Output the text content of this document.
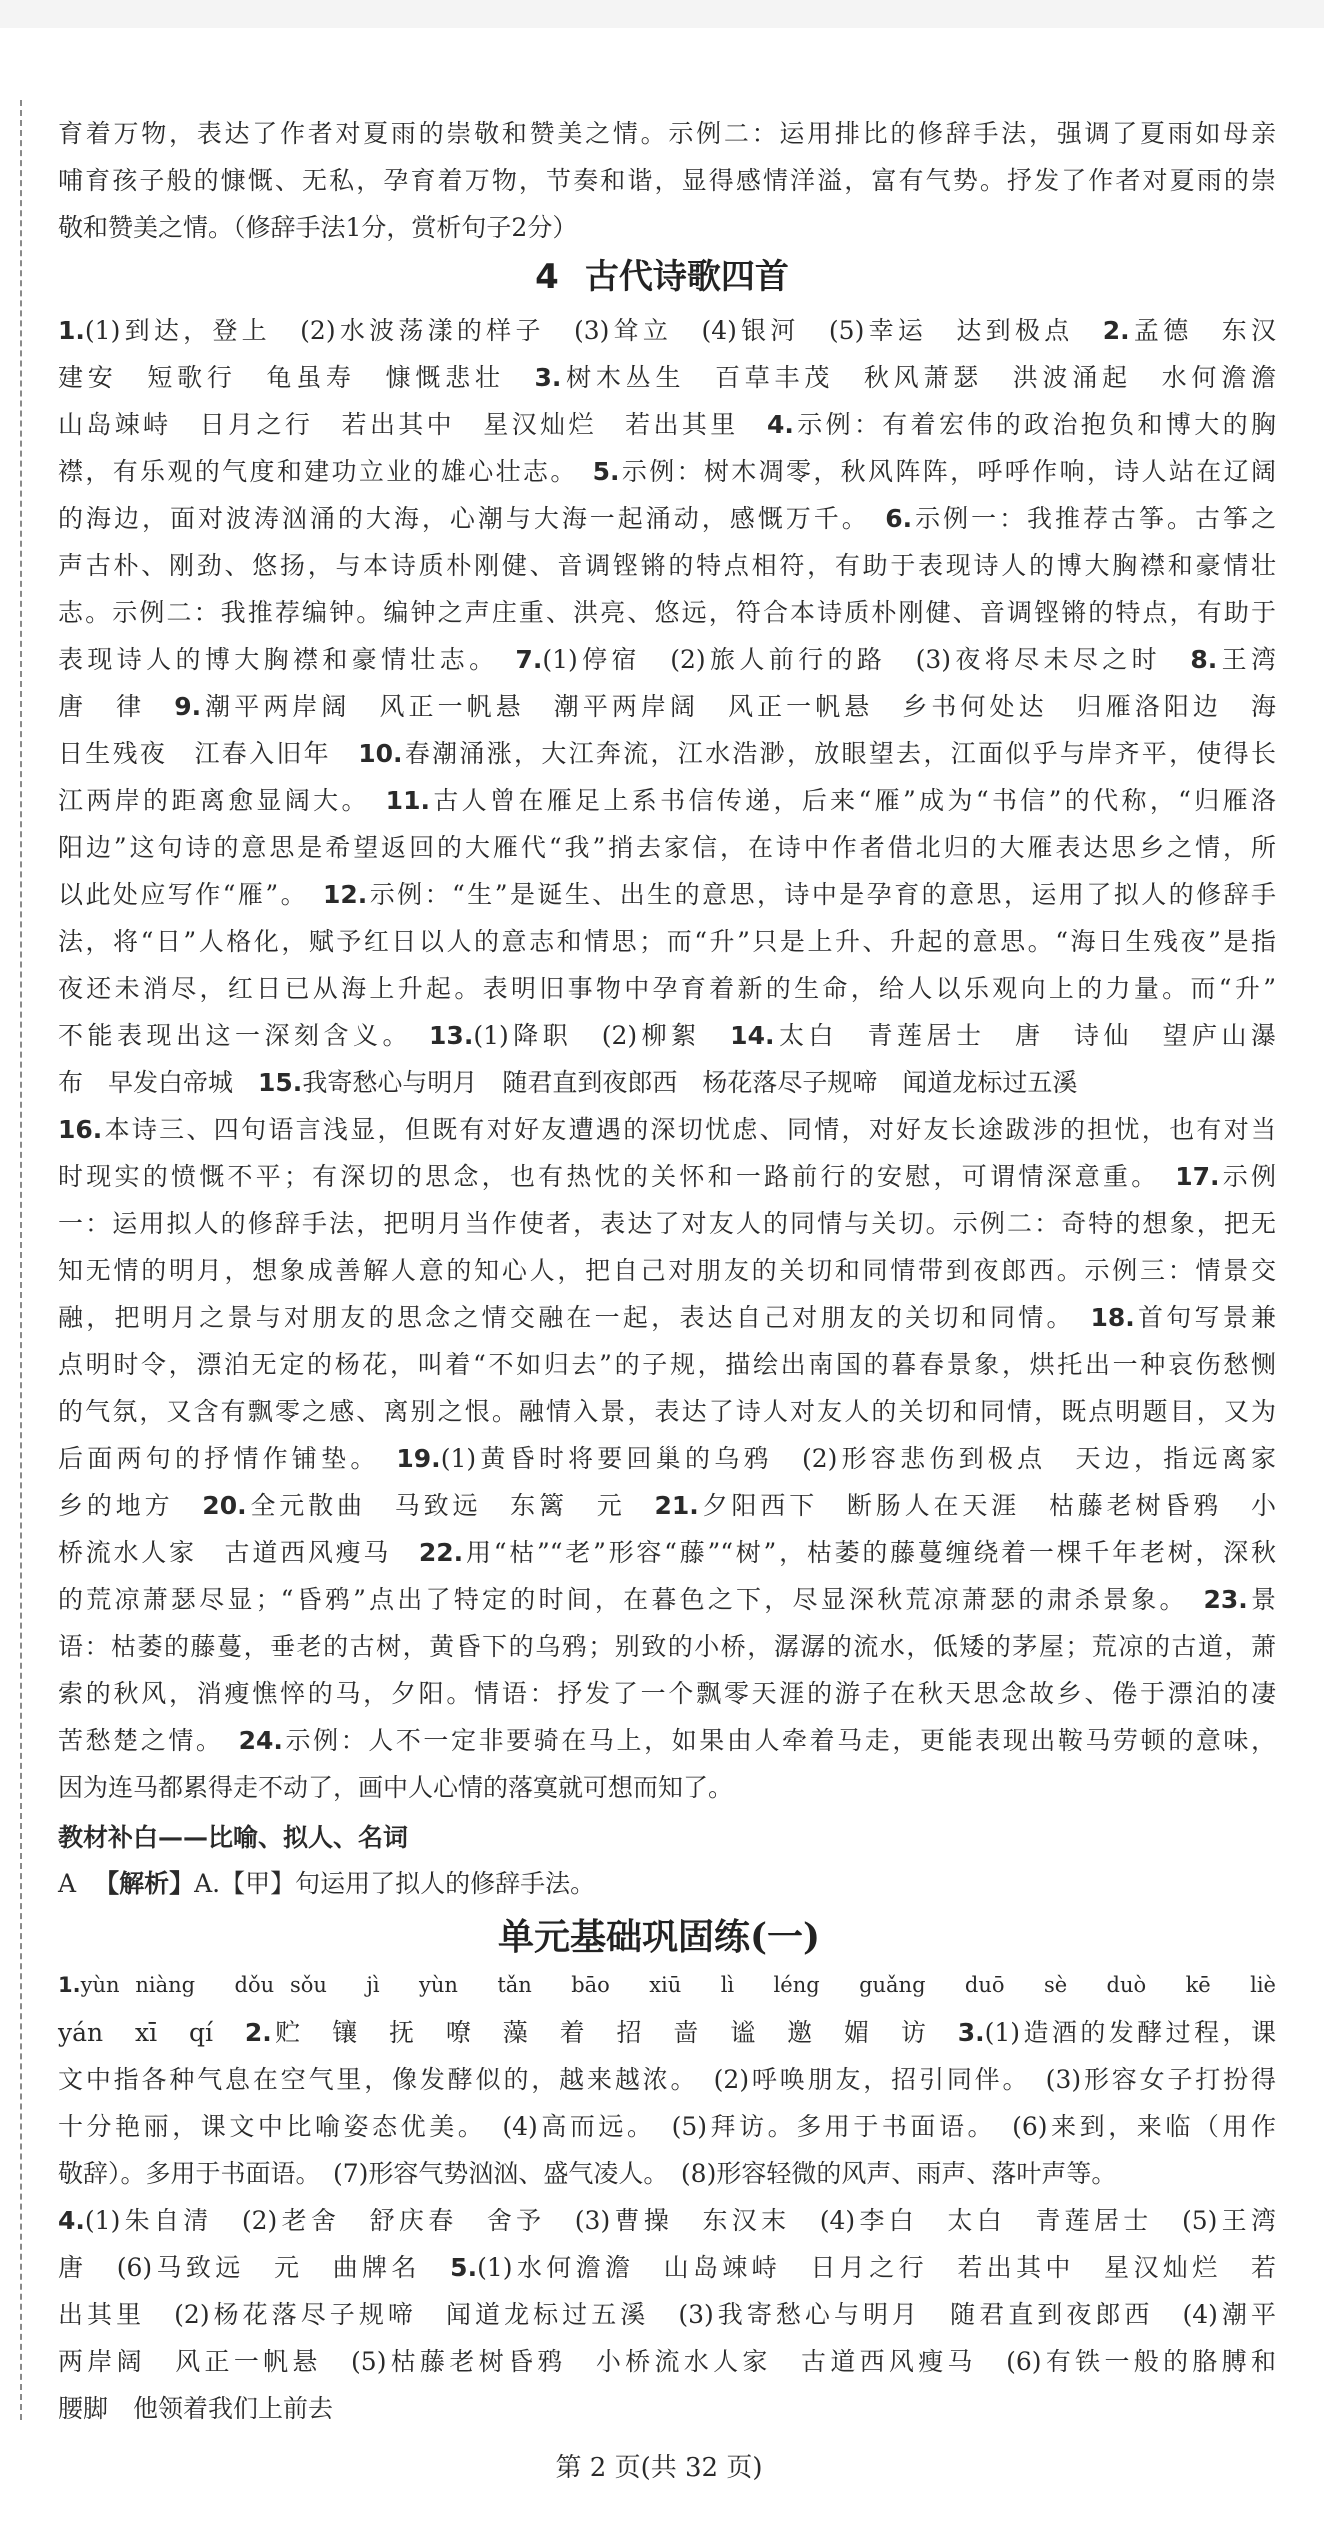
育着万物，表达了作者对夏雨的崇敬和赞美之情。示例二：运用排比的修辞手法，强调了夏雨如母亲
哺育孩子般的慷慨、无私，孕育着万物，节奏和谐，显得感情洋溢，富有气势。抒发了作者对夏雨的崇
敬和赞美之情。（修辞手法1分，赏析句子2分）
4 古代诗歌四首
1.(1)到达，登上　(2)水波荡漾的样子　(3)耸立　(4)银河　(5)幸运　达到极点　2.孟德　东汉
建安　短歌行　龟虽寿　慷慨悲壮　3.树木丛生　百草丰茂　秋风萧瑟　洪波涌起　水何澹澹
山岛竦峙　日月之行　若出其中　星汉灿烂　若出其里　4.示例：有着宏伟的政治抱负和博大的胸
襟，有乐观的气度和建功立业的雄心壮志。　5.示例：树木凋零，秋风阵阵，呼呼作响，诗人站在辽阔
的海边，面对波涛汹涌的大海，心潮与大海一起涌动，感慨万千。　6.示例一：我推荐古筝。古筝之
声古朴、刚劲、悠扬，与本诗质朴刚健、音调铿锵的特点相符，有助于表现诗人的博大胸襟和豪情壮
志。示例二：我推荐编钟。编钟之声庄重、洪亮、悠远，符合本诗质朴刚健、音调铿锵的特点，有助于
表现诗人的博大胸襟和豪情壮志。　7.(1)停宿　(2)旅人前行的路　(3)夜将尽未尽之时　8.王湾
唐　律　9.潮平两岸阔　风正一帆悬　潮平两岸阔　风正一帆悬　乡书何处达　归雁洛阳边　海
日生残夜　江春入旧年　10.春潮涌涨，大江奔流，江水浩渺，放眼望去，江面似乎与岸齐平，使得长
江两岸的距离愈显阔大。　11.古人曾在雁足上系书信传递，后来“雁”成为“书信”的代称，“归雁洛
阳边”这句诗的意思是希望返回的大雁代“我”捎去家信，在诗中作者借北归的大雁表达思乡之情，所
以此处应写作“雁”。　12.示例：“生”是诞生、出生的意思，诗中是孕育的意思，运用了拟人的修辞手
法，将“日”人格化，赋予红日以人的意志和情思；而“升”只是上升、升起的意思。“海日生残夜”是指
夜还未消尽，红日已从海上升起。表明旧事物中孕育着新的生命，给人以乐观向上的力量。而“升”
不能表现出这一深刻含义。　13.(1)降职　(2)柳絮　14.太白　青莲居士　唐　诗仙　望庐山瀑
布　早发白帝城　15.我寄愁心与明月　随君直到夜郎西　杨花落尽子规啼　闻道龙标过五溪
16.本诗三、四句语言浅显，但既有对好友遭遇的深切忧虑、同情，对好友长途跋涉的担忧，也有对当
时现实的愤慨不平；有深切的思念，也有热忱的关怀和一路前行的安慰，可谓情深意重。　17.示例
一：运用拟人的修辞手法，把明月当作使者，表达了对友人的同情与关切。示例二：奇特的想象，把无
知无情的明月，想象成善解人意的知心人，把自己对朋友的关切和同情带到夜郎西。示例三：情景交
融，把明月之景与对朋友的思念之情交融在一起，表达自己对朋友的关切和同情。　18.首句写景兼
点明时令，漂泊无定的杨花，叫着“不如归去”的子规，描绘出南国的暮春景象，烘托出一种哀伤愁恻
的气氛，又含有飘零之感、离别之恨。融情入景，表达了诗人对友人的关切和同情，既点明题目，又为
后面两句的抒情作铺垫。　19.(1)黄昏时将要回巢的乌鸦　(2)形容悲伤到极点　天边，指远离家
乡的地方　20.全元散曲　马致远　东篱　元　21.夕阳西下　断肠人在天涯　枯藤老树昏鸦　小
桥流水人家　古道西风瘦马　22.用“枯”“老”形容“藤”“树”，枯萎的藤蔓缠绕着一棵千年老树，深秋
的荒凉萧瑟尽显；“昏鸦”点出了特定的时间，在暮色之下，尽显深秋荒凉萧瑟的肃杀景象。　23.景
语：枯萎的藤蔓，垂老的古树，黄昏下的乌鸦；别致的小桥，潺潺的流水，低矮的茅屋；荒凉的古道，萧
索的秋风，消瘦憔悴的马，夕阳。情语：抒发了一个飘零天涯的游子在秋天思念故乡、倦于漂泊的凄
苦愁楚之情。　24.示例：人不一定非要骑在马上，如果由人牵着马走，更能表现出鞍马劳顿的意味，
因为连马都累得走不动了，画中人心情的落寞就可想而知了。
教材补白——比喻、拟人、名词
A 【解析】A.【甲】句运用了拟人的修辞手法。
单元基础巩固练(一)
1.yùn niàng　dǒu sǒu　jì　yùn　tǎn　bāo　xiū　lì　léng　guǎng　duō　sè　duò　kē　liè
yán　xī　qí　2.贮　镶　抚　嘹　藻　着　招　啬　谧　邀　媚　访　3.(1)造酒的发酵过程，课
文中指各种气息在空气里，像发酵似的，越来越浓。　(2)呼唤朋友，招引同伴。　(3)形容女子打扮得
十分艳丽，课文中比喻姿态优美。　(4)高而远。　(5)拜访。多用于书面语。　(6)来到，来临（用作
敬辞）。多用于书面语。　(7)形容气势汹汹、盛气凌人。　(8)形容轻微的风声、雨声、落叶声等。
4.(1)朱自清　(2)老舍　舒庆春　舍予　(3)曹操　东汉末　(4)李白　太白　青莲居士　(5)王湾
唐　(6)马致远　元　曲牌名　5.(1)水何澹澹　山岛竦峙　日月之行　若出其中　星汉灿烂　若
出其里　(2)杨花落尽子规啼　闻道龙标过五溪　(3)我寄愁心与明月　随君直到夜郎西　(4)潮平
两岸阔　风正一帆悬　(5)枯藤老树昏鸦　小桥流水人家　古道西风瘦马　(6)有铁一般的胳膊和
腰脚　他领着我们上前去
第 2 页(共 32 页)
